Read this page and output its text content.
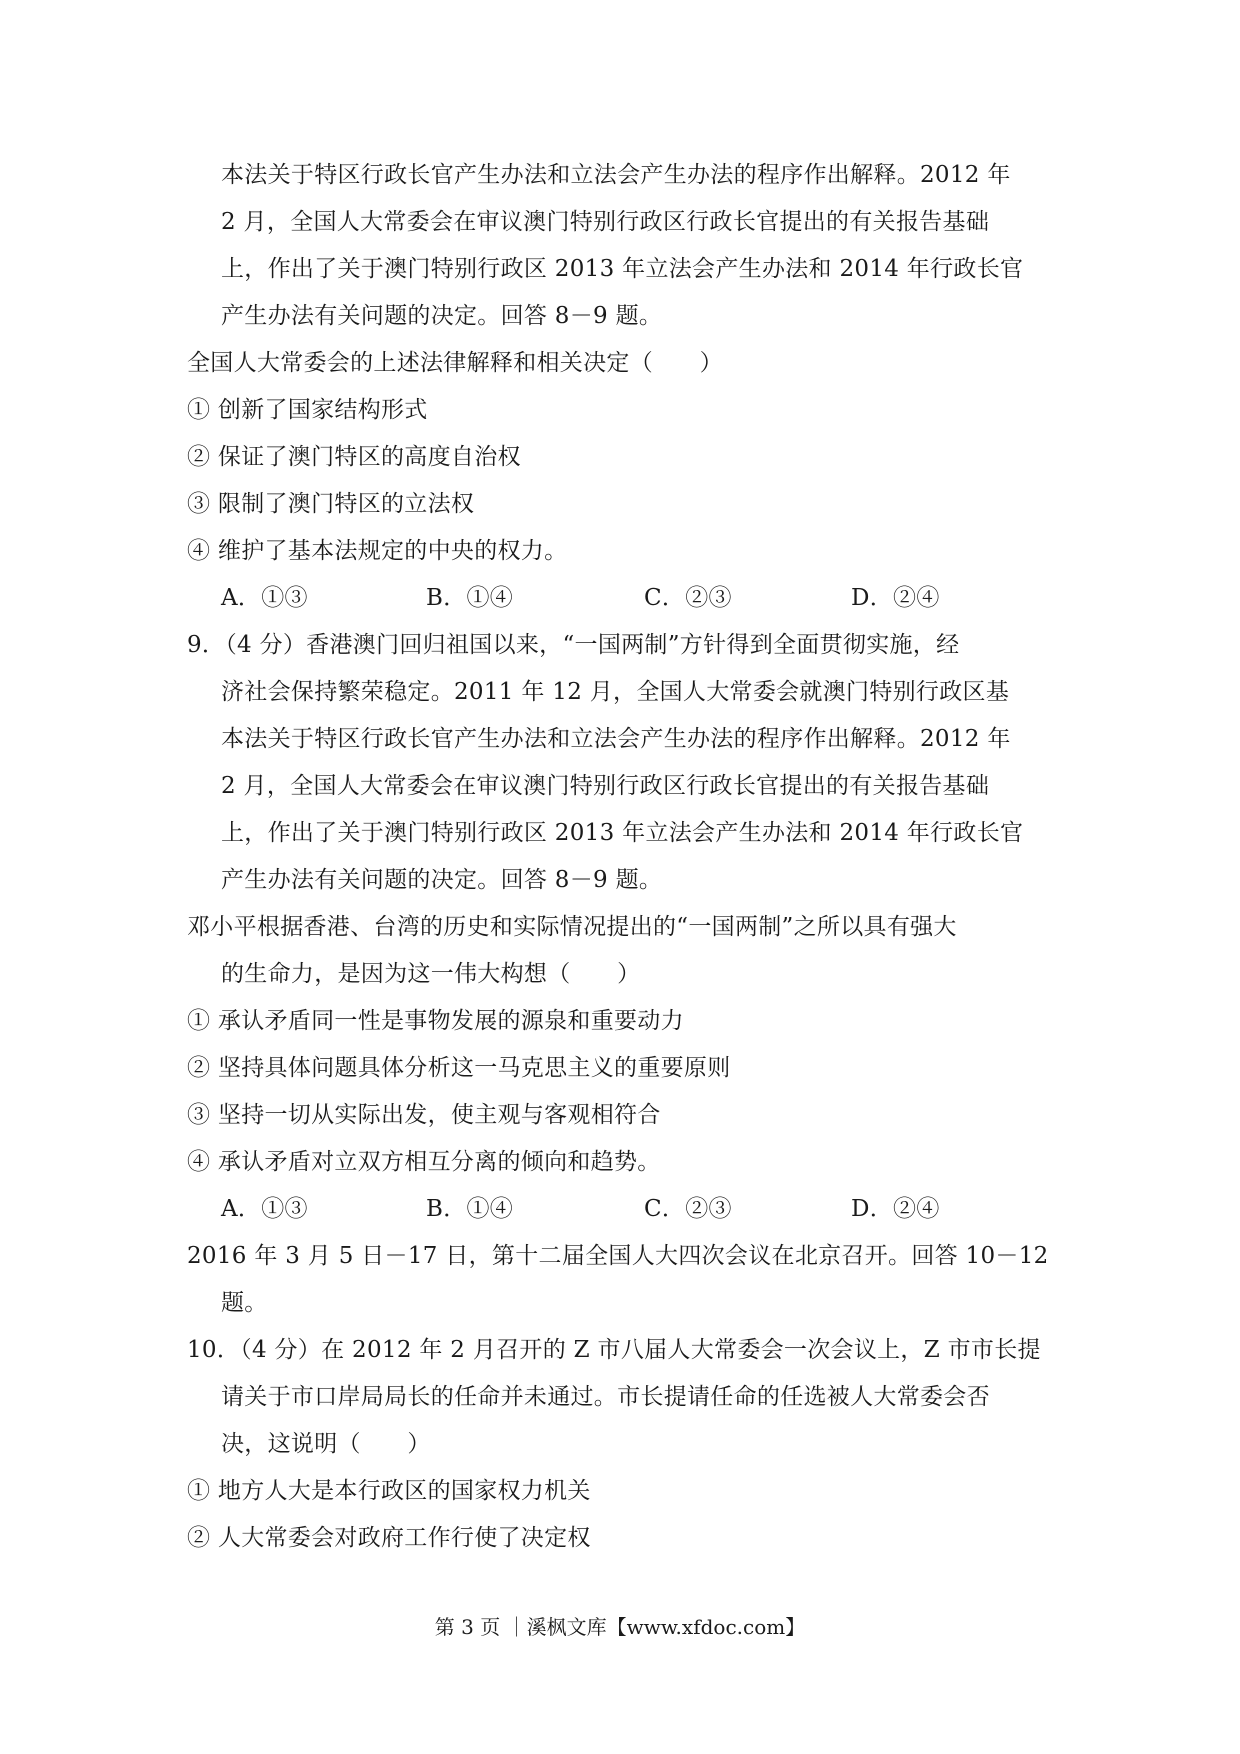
本法关于特区行政长官产生办法和立法会产生办法的程序作出解释。2012 年
2 月，全国人大常委会在审议澳门特别行政区行政长官提出的有关报告基础
上，作出了关于澳门特别行政区 2013 年立法会产生办法和 2014 年行政长官
产生办法有关问题的决定。回答 8－9 题。
全国人大常委会的上述法律解释和相关决定（　　）
① 创新了国家结构形式
② 保证了澳门特区的高度自治权
③ 限制了澳门特区的立法权
④ 维护了基本法规定的中央的权力。
A．①③	B．①④	C．②③	D．②④
9．（4 分）香港澳门回归祖国以来，“一国两制”方针得到全面贯彻实施，经
济社会保持繁荣稳定。2011 年 12 月，全国人大常委会就澳门特别行政区基
本法关于特区行政长官产生办法和立法会产生办法的程序作出解释。2012 年
2 月，全国人大常委会在审议澳门特别行政区行政长官提出的有关报告基础
上，作出了关于澳门特别行政区 2013 年立法会产生办法和 2014 年行政长官
产生办法有关问题的决定。回答 8－9 题。
邓小平根据香港、台湾的历史和实际情况提出的“一国两制”之所以具有强大
的生命力，是因为这一伟大构想（　　）
① 承认矛盾同一性是事物发展的源泉和重要动力
② 坚持具体问题具体分析这一马克思主义的重要原则
③ 坚持一切从实际出发，使主观与客观相符合
④ 承认矛盾对立双方相互分离的倾向和趋势。
A．①③	B．①④	C．②③	D．②④
2016 年 3 月 5 日－17 日，第十二届全国人大四次会议在北京召开。回答 10－12
题。
10．（4 分）在 2012 年 2 月召开的 Z 市八届人大常委会一次会议上，Z 市市长提
请关于市口岸局局长的任命并未通过。市长提请任命的任选被人大常委会否
决，这说明（　　）
① 地方人大是本行政区的国家权力机关
② 人大常委会对政府工作行使了决定权
第 3 页 ｜溪枫文库【www.xfdoc.com】
